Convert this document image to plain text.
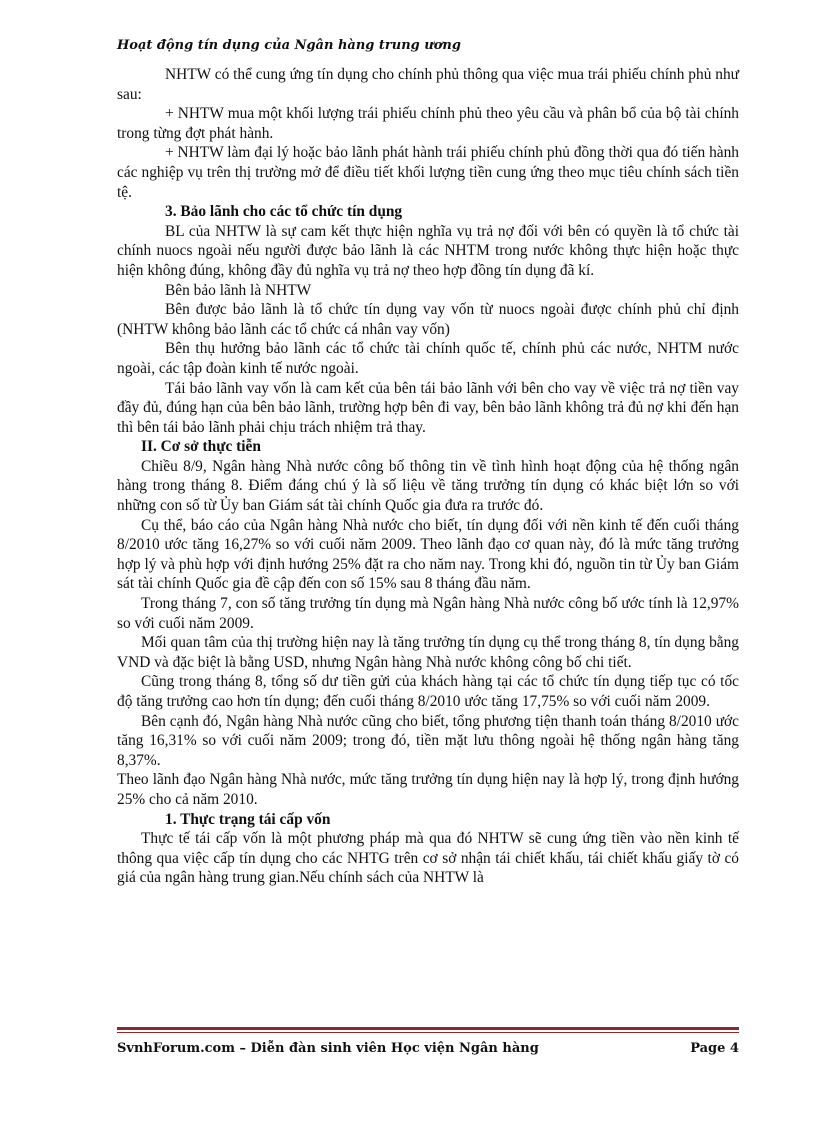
Hoạt động tín dụng của Ngân hàng trung ương

NHTW có thể cung ứng tín dụng cho chính phủ thông qua việc mua trái phiếu chính phủ như sau:

+ NHTW mua một khối lượng trái phiếu chính phủ theo yêu cầu và phân bổ của bộ tài chính trong từng đợt phát hành.

+ NHTW làm đại lý hoặc bảo lãnh phát hành trái phiếu chính phủ đồng thời qua đó tiến hành các nghiệp vụ trên thị trường mở để điều tiết khối lượng tiền cung ứng theo mục tiêu chính sách tiền tệ.

3. Bảo lãnh cho các tổ chức tín dụng

BL của NHTW là sự cam kết thực hiện nghĩa vụ trả nợ đối với bên có quyền là tổ chức tài chính nuocs ngoài nếu người được bảo lãnh là các NHTM trong nước không thực hiện hoặc thực hiện không đúng, không đầy đủ nghĩa vụ trả nợ theo hợp đồng tín dụng đã kí.

Bên bảo lãnh là NHTW

Bên được bảo lãnh là tổ chức tín dụng vay vốn từ nuocs ngoài được chính phủ chỉ định (NHTW không bảo lãnh các tổ chức cá nhân vay vốn)

Bên thụ hưởng bảo lãnh các tổ chức tài chính quốc tế, chính phủ các nước, NHTM nước ngoài, các tập đoàn kinh tế nước ngoài.

Tái bảo lãnh vay vốn là cam kết của bên tái bảo lãnh với bên cho vay về việc trả nợ tiền vay đầy đủ, đúng hạn của bên bảo lãnh, trường hợp bên đi vay, bên bảo lãnh không trả đủ nợ khi đến hạn thì bên tái bảo lãnh phải chịu trách nhiệm trả thay.

II. Cơ sở thực tiễn

Chiều 8/9, Ngân hàng Nhà nước công bố thông tin về tình hình hoạt động của hệ thống ngân hàng trong tháng 8. Điểm đáng chú ý là số liệu về tăng trưởng tín dụng có khác biệt lớn so với những con số từ Ủy ban Giám sát tài chính Quốc gia đưa ra trước đó.

Cụ thể, báo cáo của Ngân hàng Nhà nước cho biết, tín dụng đối với nền kinh tế đến cuối tháng 8/2010 ước tăng 16,27% so với cuối năm 2009. Theo lãnh đạo cơ quan này, đó là mức tăng trưởng hợp lý và phù hợp với định hướng 25% đặt ra cho năm nay. Trong khi đó, nguồn tin từ Ủy ban Giám sát tài chính Quốc gia đề cập đến con số 15% sau 8 tháng đầu năm.

Trong tháng 7, con số tăng trưởng tín dụng mà Ngân hàng Nhà nước công bố ước tính là 12,97% so với cuối năm 2009.

Mối quan tâm của thị trường hiện nay là tăng trưởng tín dụng cụ thể trong tháng 8, tín dụng bằng VND và đặc biệt là bằng USD, nhưng Ngân hàng Nhà nước không công bố chi tiết.

Cũng trong tháng 8, tổng số dư tiền gửi của khách hàng tại các tổ chức tín dụng tiếp tục có tốc độ tăng trưởng cao hơn tín dụng; đến cuối tháng 8/2010 ước tăng 17,75% so với cuối năm 2009.

Bên cạnh đó, Ngân hàng Nhà nước cũng cho biết, tổng phương tiện thanh toán tháng 8/2010 ước tăng 16,31% so với cuối năm 2009; trong đó, tiền mặt lưu thông ngoài hệ thống ngân hàng tăng 8,37%.

Theo lãnh đạo Ngân hàng Nhà nước, mức tăng trưởng tín dụng hiện nay là hợp lý, trong định hướng 25% cho cả năm 2010.

1. Thực trạng tái cấp vốn

Thực tế tái cấp vốn là một phương pháp mà qua đó NHTW sẽ cung ứng tiền vào nền kinh tế thông qua việc cấp tín dụng cho các NHTG trên cơ sở nhận tái chiết khấu, tái chiết khấu giấy tờ có giá của ngân hàng trung gian.Nếu chính sách của NHTW là

SvnhForum.com – Diễn đàn sinh viên Học viện Ngân hàng	Page 4
